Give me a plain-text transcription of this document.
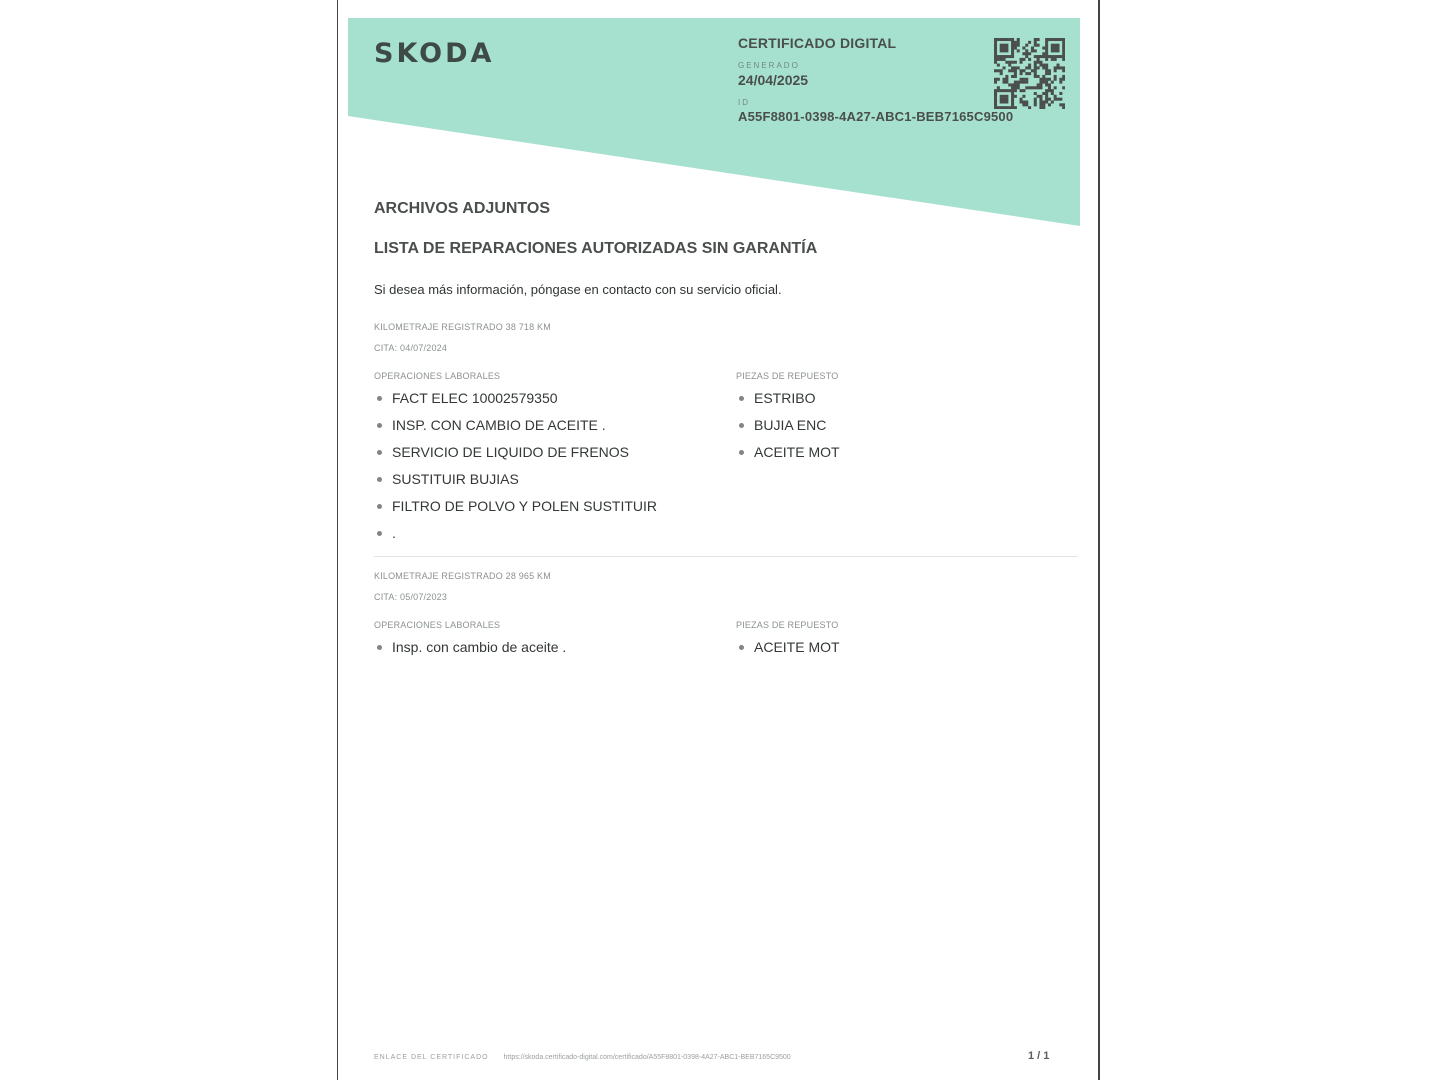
SKODA	CERTIFICADO DIGITAL
GENERADO
24/04/2025
ID
A55F8801-0398-4A27-ABC1-BEB7165C9500
ARCHIVOS ADJUNTOS
LISTA DE REPARACIONES AUTORIZADAS SIN GARANTÍA
Si desea más información, póngase en contacto con su servicio oficial.
KILOMETRAJE REGISTRADO 38 718 KM
CITA: 04/07/2024
OPERACIONES LABORALES
FACT ELEC 10002579350
INSP. CON CAMBIO DE ACEITE .
SERVICIO DE LIQUIDO DE FRENOS
SUSTITUIR BUJIAS
FILTRO DE POLVO Y POLEN SUSTITUIR
.
PIEZAS DE REPUESTO
ESTRIBO
BUJIA ENC
ACEITE MOT
KILOMETRAJE REGISTRADO 28 965 KM
CITA: 05/07/2023
OPERACIONES LABORALES
Insp. con cambio de aceite .
PIEZAS DE REPUESTO
ACEITE MOT
ENLACE DEL CERTIFICADO https://skoda.certificado-digital.com/certificado/A55F8801-0398-4A27-ABC1-BEB7165C9500	1 / 1
